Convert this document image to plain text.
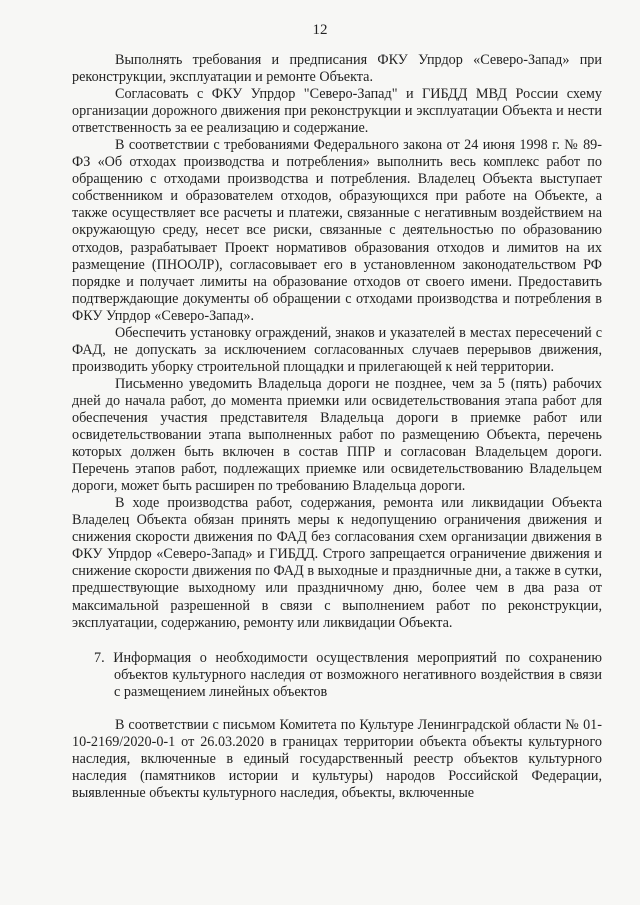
12

Выполнять требования и предписания ФКУ Упрдор «Северо-Запад» при реконструкции, эксплуатации и ремонте Объекта.

Согласовать с ФКУ Упрдор "Северо-Запад" и ГИБДД МВД России схему организации дорожного движения при реконструкции и эксплуатации Объекта и нести ответственность за ее реализацию и содержание.

В соответствии с требованиями Федерального закона от 24 июня 1998 г. № 89-ФЗ «Об отходах производства и потребления» выполнить весь комплекс работ по обращению с отходами производства и потребления. Владелец Объекта выступает собственником и образователем отходов, образующихся при работе на Объекте, а также осуществляет все расчеты и платежи, связанные с негативным воздействием на окружающую среду, несет все риски, связанные с деятельностью по образованию отходов, разрабатывает Проект нормативов образования отходов и лимитов на их размещение (ПНООЛР), согласовывает его в установленном законодательством РФ порядке и получает лимиты на образование отходов от своего имени. Предоставить подтверждающие документы об обращении с отходами производства и потребления в ФКУ Упрдор «Северо-Запад».

Обеспечить установку ограждений, знаков и указателей в местах пересечений с ФАД, не допускать за исключением согласованных случаев перерывов движения, производить уборку строительной площадки и прилегающей к ней территории.

Письменно уведомить Владельца дороги не позднее, чем за 5 (пять) рабочих дней до начала работ, до момента приемки или освидетельствования этапа работ для обеспечения участия представителя Владельца дороги в приемке работ или освидетельствовании этапа выполненных работ по размещению Объекта, перечень которых должен быть включен в состав ППР и согласован Владельцем дороги. Перечень этапов работ, подлежащих приемке или освидетельствованию Владельцем дороги, может быть расширен по требованию Владельца дороги.

В ходе производства работ, содержания, ремонта или ликвидации Объекта Владелец Объекта обязан принять меры к недопущению ограничения движения и снижения скорости движения по ФАД без согласования схем организации движения в ФКУ Упрдор «Северо-Запад» и ГИБДД. Строго запрещается ограничение движения и снижение скорости движения по ФАД в выходные и праздничные дни, а также в сутки, предшествующие выходному или праздничному дню, более чем в два раза от максимальной разрешенной в связи с выполнением работ по реконструкции, эксплуатации, содержанию, ремонту или ликвидации Объекта.

7. Информация о необходимости осуществления мероприятий по сохранению объектов культурного наследия от возможного негативного воздействия в связи с размещением линейных объектов

В соответствии с письмом Комитета по Культуре Ленинградской области № 01-10-2169/2020-0-1 от 26.03.2020 в границах территории объекта объекты культурного наследия, включенные в единый государственный реестр объектов культурного наследия (памятников истории и культуры) народов Российской Федерации, выявленные объекты культурного наследия, объекты, включенные
